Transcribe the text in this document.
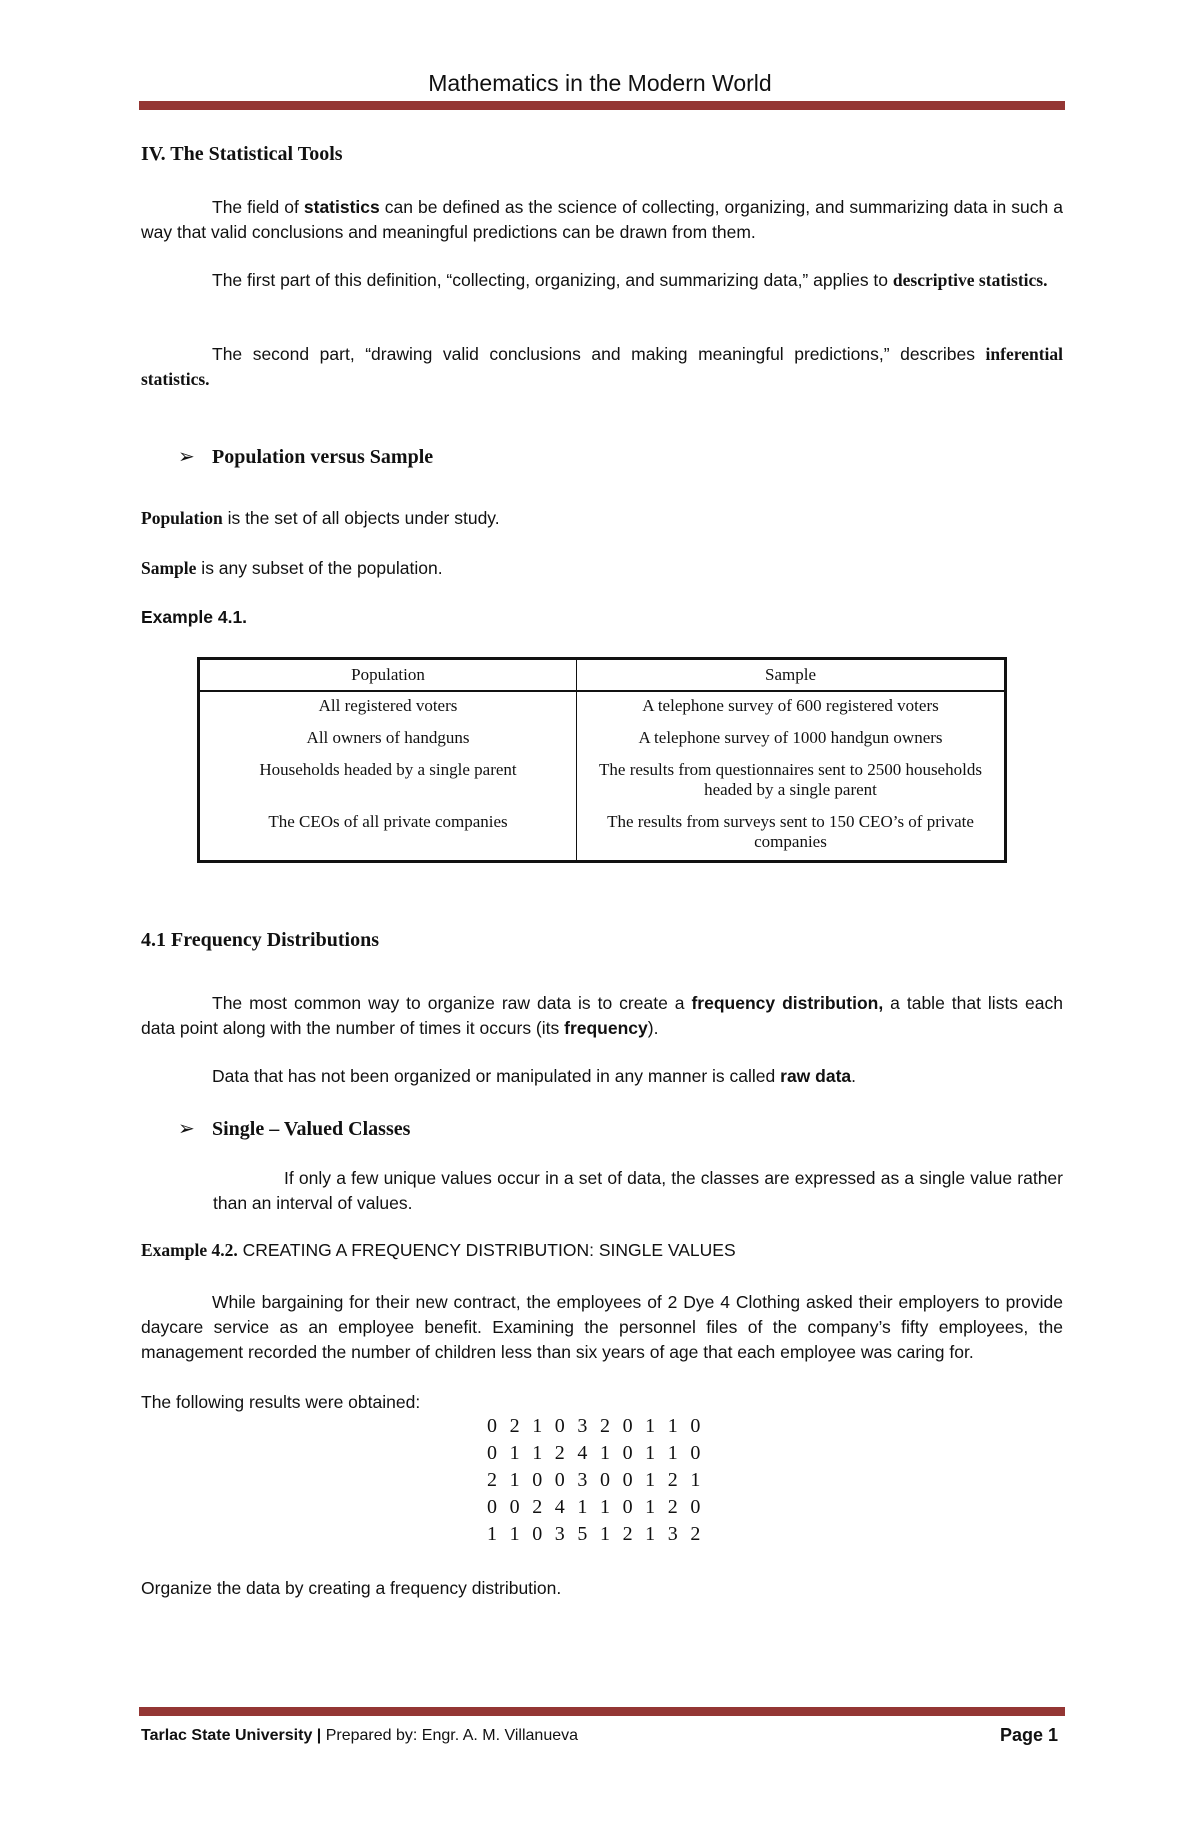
Mathematics in the Modern World
IV. The Statistical Tools
The field of statistics can be defined as the science of collecting, organizing, and summarizing data in such a way that valid conclusions and meaningful predictions can be drawn from them.
The first part of this definition, “collecting, organizing, and summarizing data,” applies to descriptive statistics.
The second part, “drawing valid conclusions and making meaningful predictions,” describes inferential statistics.
➢ Population versus Sample
Population is the set of all objects under study.
Sample is any subset of the population.
Example 4.1.
Population	Sample
All registered voters	A telephone survey of 600 registered voters
All owners of handguns	A telephone survey of 1000 handgun owners
Households headed by a single parent	The results from questionnaires sent to 2500 households headed by a single parent
The CEOs of all private companies	The results from surveys sent to 150 CEO’s of private companies
4.1 Frequency Distributions
The most common way to organize raw data is to create a frequency distribution, a table that lists each data point along with the number of times it occurs (its frequency).
Data that has not been organized or manipulated in any manner is called raw data.
➢ Single – Valued Classes
If only a few unique values occur in a set of data, the classes are expressed as a single value rather than an interval of values.
Example 4.2. CREATING A FREQUENCY DISTRIBUTION: SINGLE VALUES
While bargaining for their new contract, the employees of 2 Dye 4 Clothing asked their employers to provide daycare service as an employee benefit. Examining the personnel files of the company’s fifty employees, the management recorded the number of children less than six years of age that each employee was caring for.
The following results were obtained:
0 2 1 0 3 2 0 1 1 0
0 1 1 2 4 1 0 1 1 0
2 1 0 0 3 0 0 1 2 1
0 0 2 4 1 1 0 1 2 0
1 1 0 3 5 1 2 1 3 2
Organize the data by creating a frequency distribution.
Tarlac State University | Prepared by: Engr. A. M. Villanueva	Page 1
